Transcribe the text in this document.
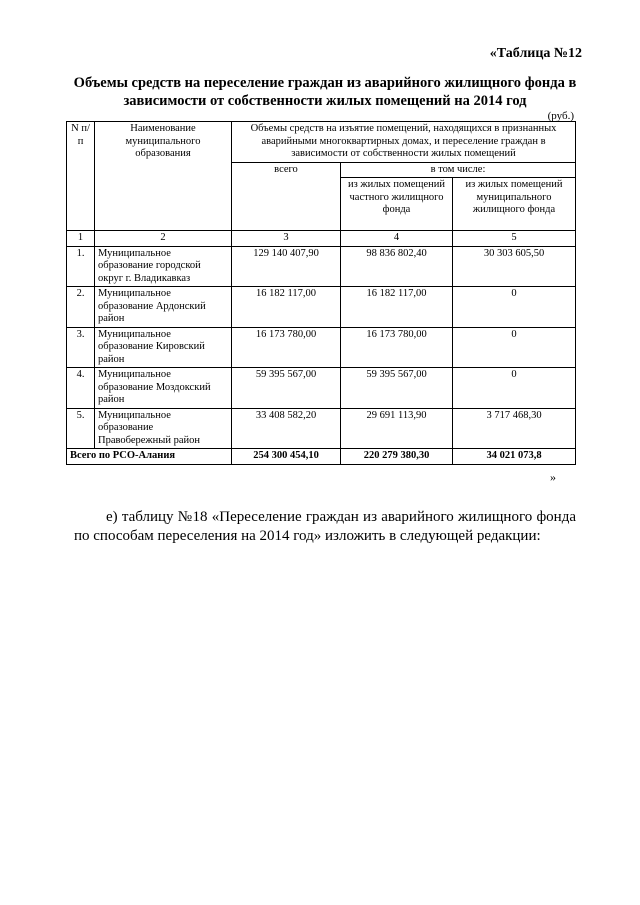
«Таблица №12
Объемы средств на переселение граждан из аварийного жилищного фонда в зависимости от собственности жилых помещений на 2014 год
(руб.)
N п/п	Наименование муниципального образования	Объемы средств на изъятие помещений, находящихся в признанных аварийными многоквартирных домах, и переселение граждан в зависимости от собственности жилых помещений		
		всего	в том числе:	
			из жилых помещений частного жилищного фонда	из жилых помещений муниципального жилищного фонда
1	2	3	4	5
1.	Муниципальное образование городской округ г. Владикавказ	129 140 407,90	98 836 802,40	30 303 605,50
2.	Муниципальное образование Ардонский район	16 182 117,00	16 182 117,00	0
3.	Муниципальное образование Кировский район	16 173 780,00	16 173 780,00	0
4.	Муниципальное образование Моздокский район	59 395 567,00	59 395 567,00	0
5.	Муниципальное образование Правобережный район	33 408 582,20	29 691 113,90	3 717 468,30
Всего по РСО-Алания		254 300 454,10	220 279 380,30	34 021 073,8
»
е) таблицу №18 «Переселение граждан из аварийного жилищного фонда по способам переселения на 2014 год» изложить в следующей редакции:
